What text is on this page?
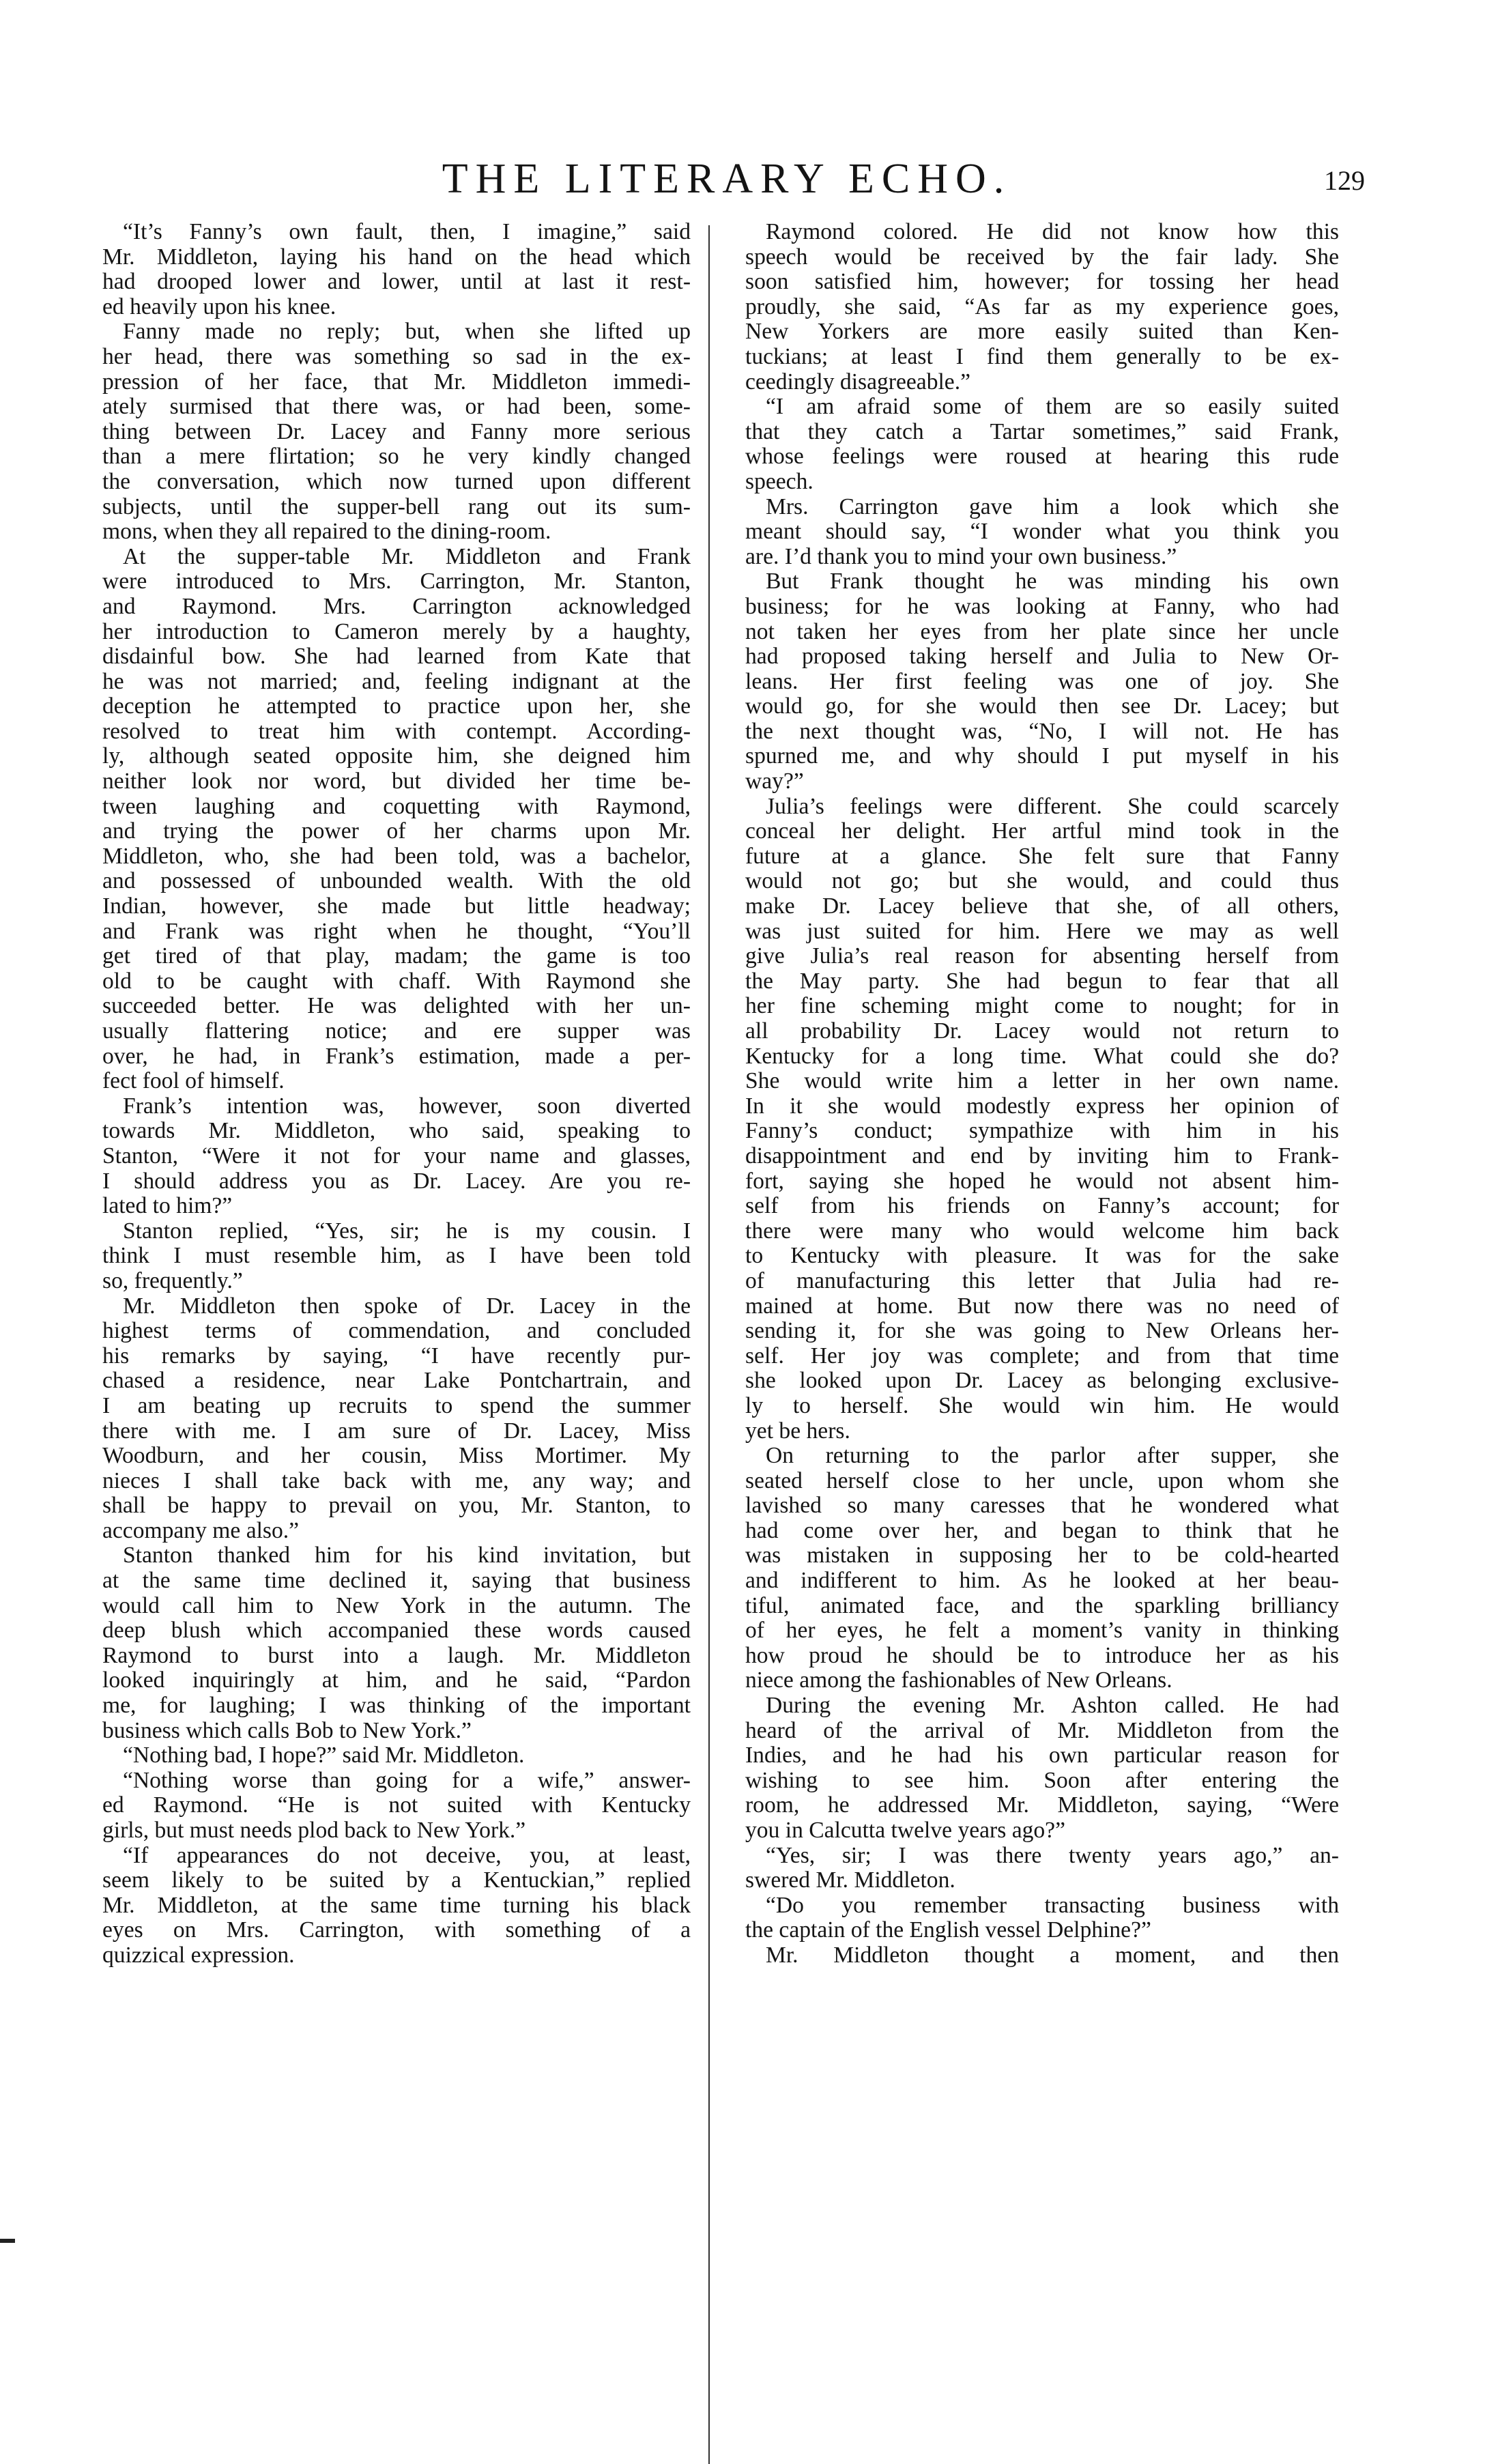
THE LITERARY ECHO.	129
“It’s Fanny’s own fault, then, I imagine,” said
Mr. Middleton, laying his hand on the head which
had drooped lower and lower, until at last it rest-
ed heavily upon his knee.
Fanny made no reply; but, when she lifted up
her head, there was something so sad in the ex-
pression of her face, that Mr. Middleton immedi-
ately surmised that there was, or had been, some-
thing between Dr. Lacey and Fanny more serious
than a mere flirtation; so he very kindly changed
the conversation, which now turned upon different
subjects, until the supper-bell rang out its sum-
mons, when they all repaired to the dining-room.
At the supper-table Mr. Middleton and Frank
were introduced to Mrs. Carrington, Mr. Stanton,
and Raymond. Mrs. Carrington acknowledged
her introduction to Cameron merely by a haughty,
disdainful bow. She had learned from Kate that
he was not married; and, feeling indignant at the
deception he attempted to practice upon her, she
resolved to treat him with contempt. According-
ly, although seated opposite him, she deigned him
neither look nor word, but divided her time be-
tween laughing and coquetting with Raymond,
and trying the power of her charms upon Mr.
Middleton, who, she had been told, was a bachelor,
and possessed of unbounded wealth. With the old
Indian, however, she made but little headway;
and Frank was right when he thought, “You’ll
get tired of that play, madam; the game is too
old to be caught with chaff. With Raymond she
succeeded better. He was delighted with her un-
usually flattering notice; and ere supper was
over, he had, in Frank’s estimation, made a per-
fect fool of himself.
Frank’s intention was, however, soon diverted
towards Mr. Middleton, who said, speaking to
Stanton, “Were it not for your name and glasses,
I should address you as Dr. Lacey. Are you re-
lated to him?”
Stanton replied, “Yes, sir; he is my cousin. I
think I must resemble him, as I have been told
so, frequently.”
Mr. Middleton then spoke of Dr. Lacey in the
highest terms of commendation, and concluded
his remarks by saying, “I have recently pur-
chased a residence, near Lake Pontchartrain, and
I am beating up recruits to spend the summer
there with me. I am sure of Dr. Lacey, Miss
Woodburn, and her cousin, Miss Mortimer. My
nieces I shall take back with me, any way; and
shall be happy to prevail on you, Mr. Stanton, to
accompany me also.”
Stanton thanked him for his kind invitation, but
at the same time declined it, saying that business
would call him to New York in the autumn. The
deep blush which accompanied these words caused
Raymond to burst into a laugh. Mr. Middleton
looked inquiringly at him, and he said, “Pardon
me, for laughing; I was thinking of the important
business which calls Bob to New York.”
“Nothing bad, I hope?” said Mr. Middleton.
“Nothing worse than going for a wife,” answer-
ed Raymond. “He is not suited with Kentucky
girls, but must needs plod back to New York.”
“If appearances do not deceive, you, at least,
seem likely to be suited by a Kentuckian,” replied
Mr. Middleton, at the same time turning his black
eyes on Mrs. Carrington, with something of a
quizzical expression.
Raymond colored. He did not know how this
speech would be received by the fair lady. She
soon satisfied him, however; for tossing her head
proudly, she said, “As far as my experience goes,
New Yorkers are more easily suited than Ken-
tuckians; at least I find them generally to be ex-
ceedingly disagreeable.”
“I am afraid some of them are so easily suited
that they catch a Tartar sometimes,” said Frank,
whose feelings were roused at hearing this rude
speech.
Mrs. Carrington gave him a look which she
meant should say, “I wonder what you think you
are. I’d thank you to mind your own business.”
But Frank thought he was minding his own
business; for he was looking at Fanny, who had
not taken her eyes from her plate since her uncle
had proposed taking herself and Julia to New Or-
leans. Her first feeling was one of joy. She
would go, for she would then see Dr. Lacey; but
the next thought was, “No, I will not. He has
spurned me, and why should I put myself in his
way?”
Julia’s feelings were different. She could scarcely
conceal her delight. Her artful mind took in the
future at a glance. She felt sure that Fanny
would not go; but she would, and could thus
make Dr. Lacey believe that she, of all others,
was just suited for him. Here we may as well
give Julia’s real reason for absenting herself from
the May party. She had begun to fear that all
her fine scheming might come to nought; for in
all probability Dr. Lacey would not return to
Kentucky for a long time. What could she do?
She would write him a letter in her own name.
In it she would modestly express her opinion of
Fanny’s conduct; sympathize with him in his
disappointment and end by inviting him to Frank-
fort, saying she hoped he would not absent him-
self from his friends on Fanny’s account; for
there were many who would welcome him back
to Kentucky with pleasure. It was for the sake
of manufacturing this letter that Julia had re-
mained at home. But now there was no need of
sending it, for she was going to New Orleans her-
self. Her joy was complete; and from that time
she looked upon Dr. Lacey as belonging exclusive-
ly to herself. She would win him. He would
yet be hers.
On returning to the parlor after supper, she
seated herself close to her uncle, upon whom she
lavished so many caresses that he wondered what
had come over her, and began to think that he
was mistaken in supposing her to be cold-hearted
and indifferent to him. As he looked at her beau-
tiful, animated face, and the sparkling brilliancy
of her eyes, he felt a moment’s vanity in thinking
how proud he should be to introduce her as his
niece among the fashionables of New Orleans.
During the evening Mr. Ashton called. He had
heard of the arrival of Mr. Middleton from the
Indies, and he had his own particular reason for
wishing to see him. Soon after entering the
room, he addressed Mr. Middleton, saying, “Were
you in Calcutta twelve years ago?”
“Yes, sir; I was there twenty years ago,” an-
swered Mr. Middleton.
“Do you remember transacting business with
the captain of the English vessel Delphine?”
Mr. Middleton thought a moment, and then
